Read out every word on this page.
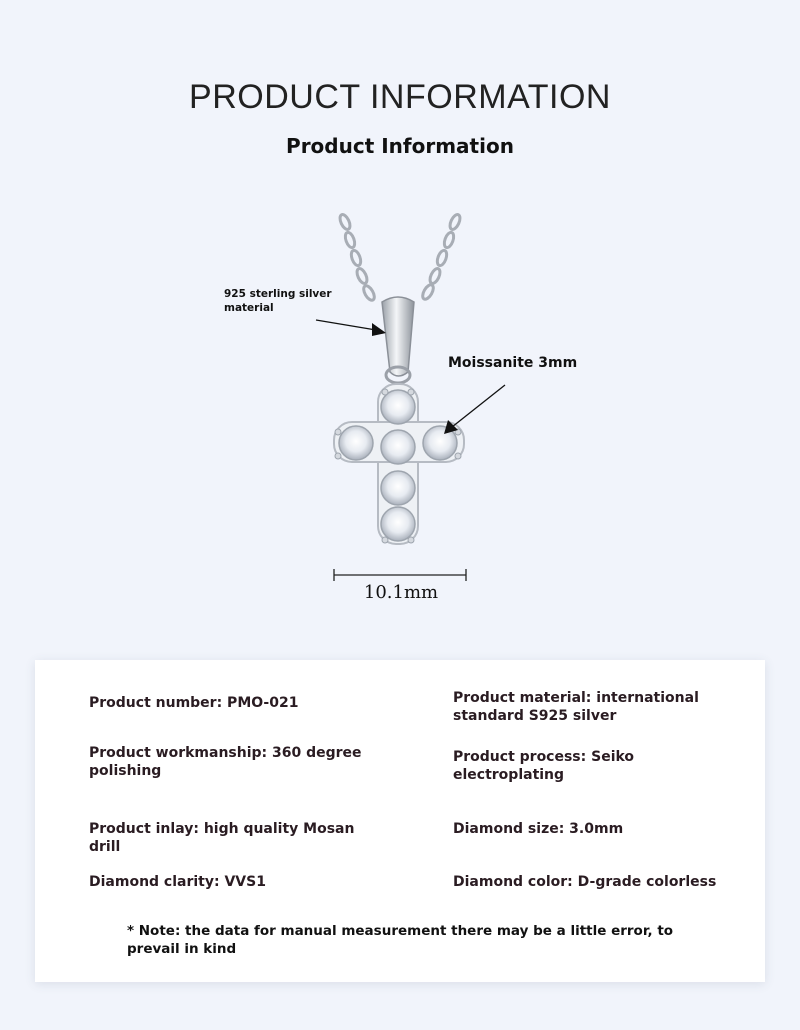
PRODUCT INFORMATION
Product Information
925 sterling silver material
Moissanite 3mm
10.1mm
Product number: PMO-021	Product material: international standard S925 silver
Product workmanship: 360 degree polishing
Product process: Seiko electroplating
Product inlay: high quality Mosan drill
Diamond size: 3.0mm
Diamond clarity: VVS1	Diamond color: D-grade colorless
* Note: the data for manual measurement there may be a little error, to prevail in kind
